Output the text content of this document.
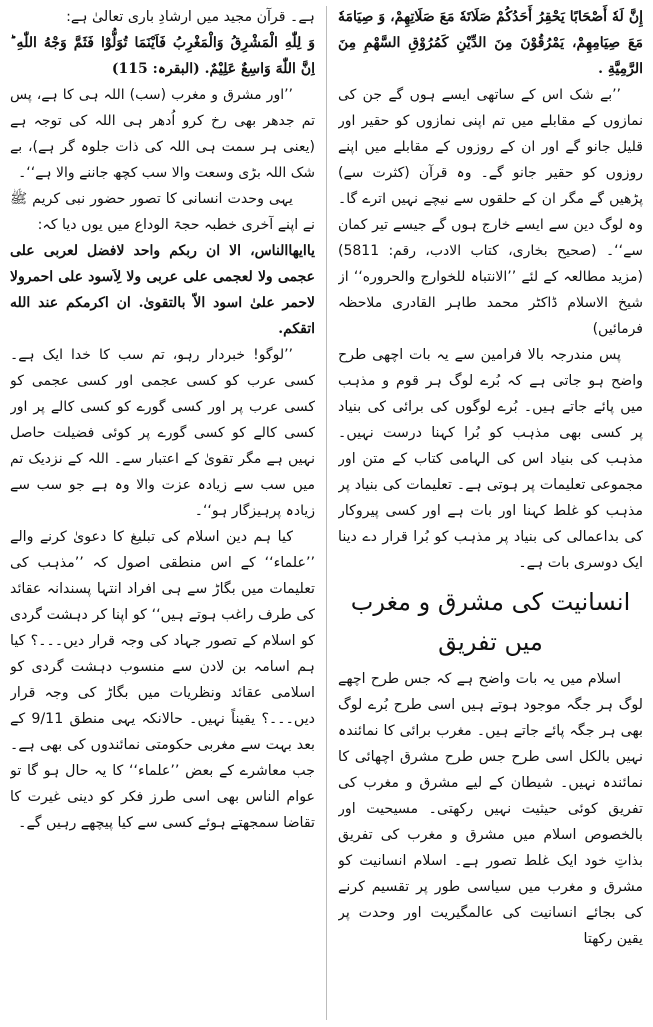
إِنَّ لَهٗ أَصْحَابًا يَحْقِرُ أَحَدُكُمْ صَلَاتَهٗ مَعَ صَلَاتِهِمْ، وَ صِيَامَهٗ مَعَ صِيَامِهِمْ، يَمْرُقُوْنَ مِنَ الدِّيْنِ كَمُرُوْقِ السَّهْمِ مِنَ الرَّمِيَّةِ .

’’بے شک اس کے ساتھی ایسے ہوں گے جن کی نمازوں کے مقابلے میں تم اپنی نمازوں کو حقیر اور قلیل جانو گے اور ان کے روزوں کے مقابلے میں اپنے روزوں کو حقیر جانو گے۔ وہ قرآن (کثرت سے) پڑھیں گے مگر ان کے حلقوں سے نیچے نہیں اترے گا۔ وہ لوگ دین سے ایسے خارج ہوں گے جیسے تیر کمان سے‘‘۔ (صحیح بخاری، کتاب الادب، رقم: 5811) (مزید مطالعہ کے لئے ’’الانتباہ للخوارج والحروره‘‘ از شیخ الاسلام ڈاکٹر محمد طاہر القادری ملاحظہ فرمائیں)

پس مندرجہ بالا فرامین سے یہ بات اچھی طرح واضح ہو جاتی ہے کہ بُرے لوگ ہر قوم و مذہب میں پائے جاتے ہیں۔ بُرے لوگوں کی برائی کی بنیاد پر کسی بھی مذہب کو بُرا کہنا درست نہیں۔ مذہب کی بنیاد اس کی الہامی کتاب کے متن اور مجموعی تعلیمات پر ہوتی ہے۔ تعلیمات کی بنیاد پر مذہب کو غلط کہنا اور بات ہے اور کسی پیروکار کی بداعمالی کی بنیاد پر مذہب کو بُرا قرار دے دینا ایک دوسری بات ہے۔

انسانیت کی مشرق و مغرب میں تفریق

اسلام میں یہ بات واضح ہے کہ جس طرح اچھے لوگ ہر جگہ موجود ہوتے ہیں اسی طرح بُرے لوگ بھی ہر جگہ پائے جاتے ہیں۔ مغرب برائی کا نمائندہ نہیں بالکل اسی طرح جس طرح مشرق اچھائی کا نمائندہ نہیں۔ شیطان کے لیے مشرق و مغرب کی تفریق کوئی حیثیت نہیں رکھتی۔ مسیحیت اور بالخصوص اسلام میں مشرق و مغرب کی تفریق بذاتِ خود ایک غلط تصور ہے۔ اسلام انسانیت کو مشرق و مغرب میں سیاسی طور پر تقسیم کرنے کی بجائے انسانیت کی عالمگیریت اور وحدت پر یقین رکھتا

ہے۔ قرآن مجید میں ارشادِ باری تعالیٰ ہے:

وَ لِلّٰهِ الْمَشْرِقُ وَالْمَغْرِبُ فَاَيْنَمَا تُوَلُّوْا فَثَمَّ وَجْهُ اللّٰهِ ؕ اِنَّ اللّٰهَ وَاسِعٌ عَلِيْمٌ. (البقرہ: 115)

’’اور مشرق و مغرب (سب) اللہ ہی کا ہے، پس تم جدھر بھی رخ کرو اُدھر ہی اللہ کی توجہ ہے (یعنی ہر سمت ہی اللہ کی ذات جلوہ گر ہے)، بے شک اللہ بڑی وسعت والا سب کچھ جاننے والا ہے‘‘۔

یہی وحدت انسانی کا تصور حضور نبی کریم ﷺ نے اپنے آخری خطبہ حجۃ الوداع میں یوں دیا کہ:

یاایھاالناس، الا ان ربکم واحد لافضل لعربی علی عجمی ولا لعجمی علی عربی ولا لِاَسود علی احمرولا لاحمر علیٰ اسود الاّ بالتقویٰ. ان اکرمکم عند الله اتقکم.

’’لوگو! خبردار رہو، تم سب کا خدا ایک ہے۔ کسی عرب کو کسی عجمی اور کسی عجمی کو کسی عرب پر اور کسی گورے کو کسی کالے پر اور کسی کالے کو کسی گورے پر کوئی فضیلت حاصل نہیں ہے مگر تقویٰ کے اعتبار سے۔ اللہ کے نزدیک تم میں سب سے زیادہ عزت والا وہ ہے جو سب سے زیادہ پرہیزگار ہو‘‘۔

کیا ہم دین اسلام کی تبلیغ کا دعویٰ کرنے والے ’’علماء‘‘ کے اس منطقی اصول کہ ’’مذہب کی تعلیمات میں بگاڑ سے ہی افراد انتہا پسندانہ عقائد کی طرف راغب ہوتے ہیں‘‘ کو اپنا کر دہشت گردی کو اسلام کے تصور جہاد کی وجہ قرار دیں۔۔۔؟ کیا ہم اسامہ بن لادن سے منسوب دہشت گردی کو اسلامی عقائد ونظریات میں بگاڑ کی وجہ قرار دیں۔۔۔؟ یقیناً نہیں۔ حالانکہ یہی منطق 9/11 کے بعد بہت سے مغربی حکومتی نمائندوں کی بھی ہے۔ جب معاشرے کے بعض ’’علماء‘‘ کا یہ حال ہو گا تو عوام الناس بھی اسی طرز فکر کو دینی غیرت کا تقاضا سمجھتے ہوئے کسی سے کیا پیچھے رہیں گے۔
